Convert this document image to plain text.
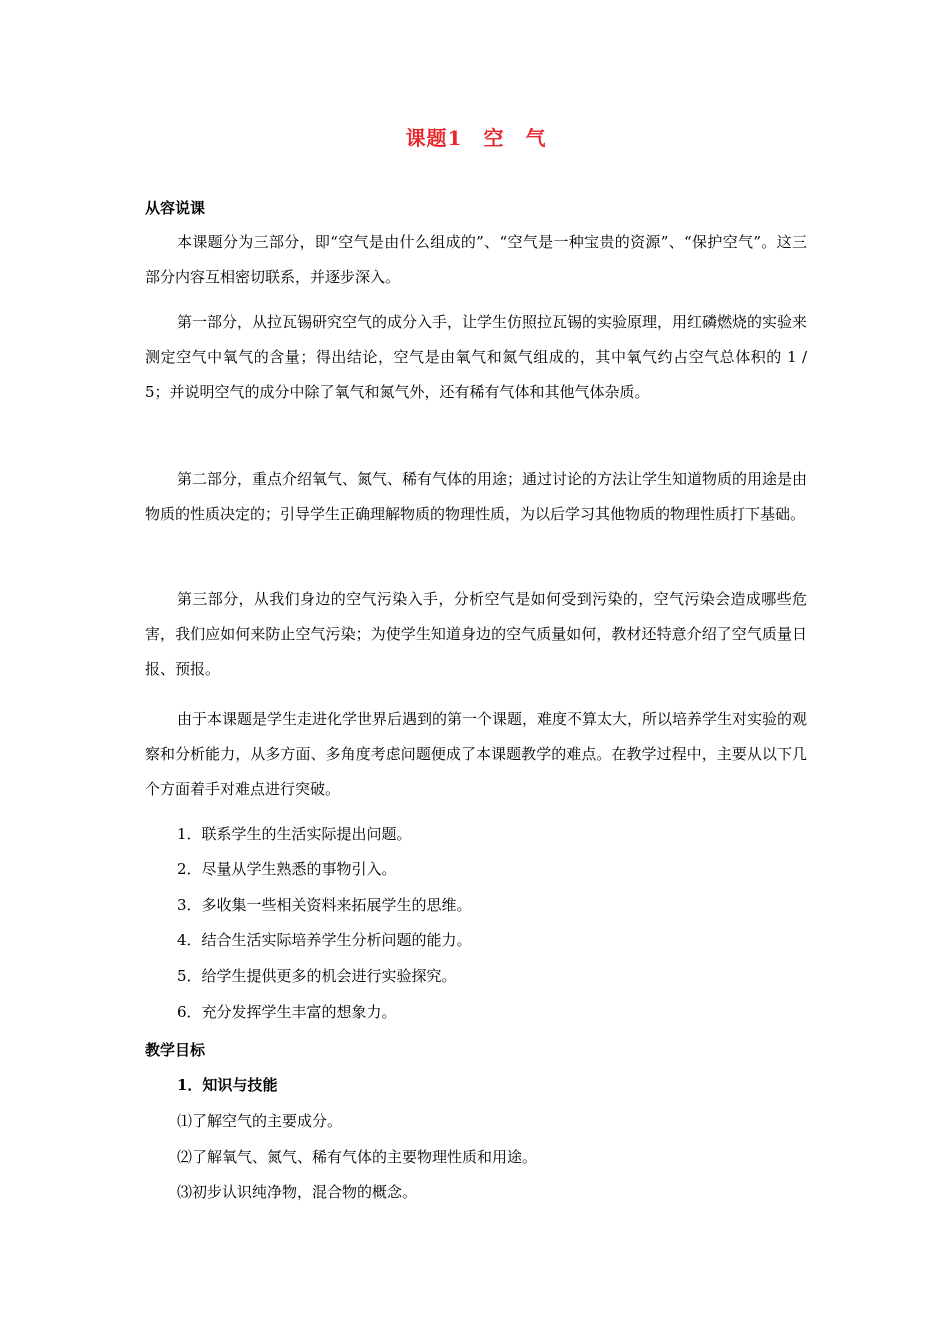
课题1　空　气
从容说课
本课题分为三部分，即“空气是由什么组成的”、“空气是一种宝贵的资源”、“保护空气”。这三部分内容互相密切联系，并逐步深入。
第一部分，从拉瓦锡研究空气的成分入手，让学生仿照拉瓦锡的实验原理，用红磷燃烧的实验来测定空气中氧气的含量；得出结论，空气是由氧气和氮气组成的，其中氧气约占空气总体积的 1 / 5；并说明空气的成分中除了氧气和氮气外，还有稀有气体和其他气体杂质。
第二部分，重点介绍氧气、氮气、稀有气体的用途；通过讨论的方法让学生知道物质的用途是由物质的性质决定的；引导学生正确理解物质的物理性质，为以后学习其他物质的物理性质打下基础。
第三部分，从我们身边的空气污染入手，分析空气是如何受到污染的，空气污染会造成哪些危害，我们应如何来防止空气污染；为使学生知道身边的空气质量如何，教材还特意介绍了空气质量日报、预报。
由于本课题是学生走进化学世界后遇到的第一个课题，难度不算太大，所以培养学生对实验的观察和分析能力，从多方面、多角度考虑问题便成了本课题教学的难点。在教学过程中，主要从以下几个方面着手对难点进行突破。
1．联系学生的生活实际提出问题。
2．尽量从学生熟悉的事物引入。
3．多收集一些相关资料来拓展学生的思维。
4．结合生活实际培养学生分析问题的能力。
5．给学生提供更多的机会进行实验探究。
6．充分发挥学生丰富的想象力。
教学目标
1．知识与技能
⑴了解空气的主要成分。
⑵了解氧气、氮气、稀有气体的主要物理性质和用途。
⑶初步认识纯净物，混合物的概念。
